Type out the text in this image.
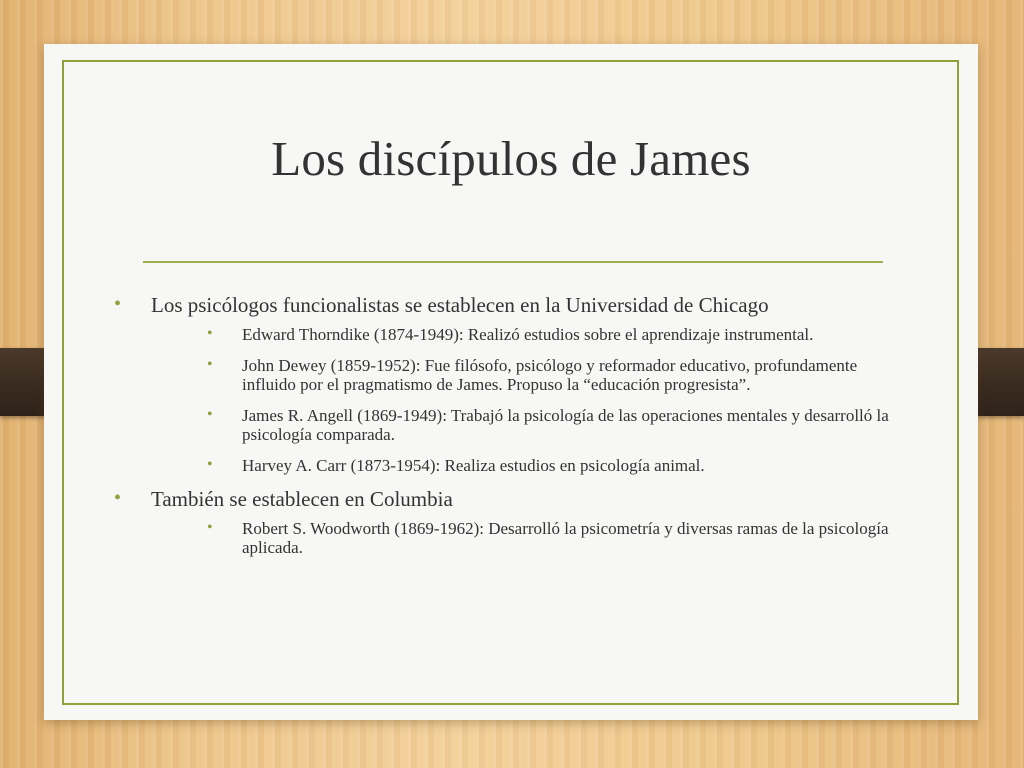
Los discípulos de James
• Los psicólogos funcionalistas se establecen en la Universidad de Chicago
• Edward Thorndike (1874-1949): Realizó estudios sobre el aprendizaje instrumental.
• John Dewey (1859-1952): Fue filósofo, psicólogo y reformador educativo, profundamente influido por el pragmatismo de James. Propuso la “educación progresista”.
• James R. Angell (1869-1949): Trabajó la psicología de las operaciones mentales y desarrolló la psicología comparada.
• Harvey A. Carr (1873-1954): Realiza estudios en psicología animal.
• También se establecen en Columbia
• Robert S. Woodworth (1869-1962): Desarrolló la psicometría y diversas ramas de la psicología aplicada.
